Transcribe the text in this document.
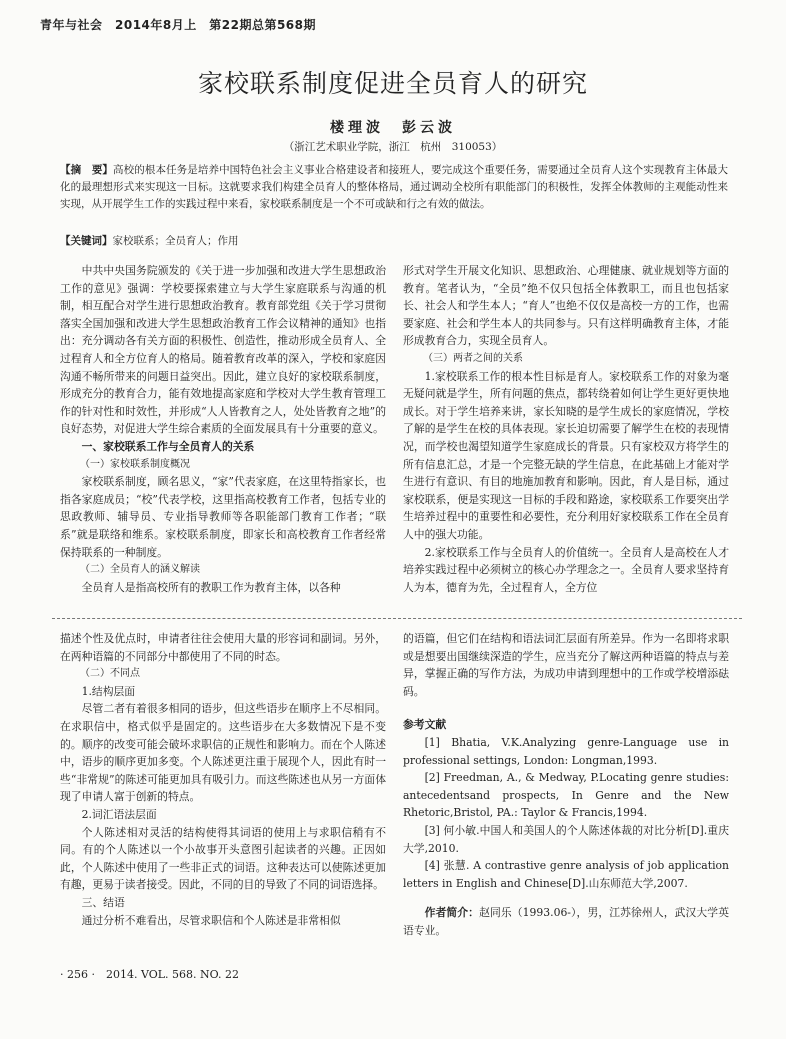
青年与社会　2014年8月上　第22期总第568期
家校联系制度促进全员育人的研究
楼理波　彭云波
（浙江艺术职业学院，浙江　杭州　310053）

【摘　要】高校的根本任务是培养中国特色社会主义事业合格建设者和接班人，要完成这个重要任务，需要通过全员育人这个实现教育主体最大化的最理想形式来实现这一目标。这就要求我们构建全员育人的整体格局，通过调动全校所有职能部门的积极性，发挥全体教师的主观能动性来实现，从开展学生工作的实践过程中来看，家校联系制度是一个不可或缺和行之有效的做法。

【关键词】家校联系；全员育人；作用

中共中央国务院颁发的《关于进一步加强和改进大学生思想政治工作的意见》强调：学校要探索建立与大学生家庭联系与沟通的机制，相互配合对学生进行思想政治教育。教育部党组《关于学习贯彻落实全国加强和改进大学生思想政治教育工作会议精神的通知》也指出：充分调动各有关方面的积极性、创造性，推动形成全员育人、全过程育人和全方位育人的格局。随着教育改革的深入，学校和家庭因沟通不畅所带来的问题日益突出。因此，建立良好的家校联系制度，形成充分的教育合力，能有效地提高家庭和学校对大学生教育管理工作的针对性和时效性，并形成“人人皆教育之人，处处皆教育之地”的良好态势，对促进大学生综合素质的全面发展具有十分重要的意义。

一、家校联系工作与全员育人的关系

（一）家校联系制度概况

家校联系制度，顾名思义，“家”代表家庭，在这里特指家长，也指各家庭成员；“校”代表学校，这里指高校教育工作者，包括专业的思政教师、辅导员、专业指导教师等各职能部门教育工作者；“联系”就是联络和维系。家校联系制度，即家长和高校教育工作者经常保持联系的一种制度。

（二）全员育人的涵义解读

全员育人是指高校所有的教职工作为教育主体，以各种

形式对学生开展文化知识、思想政治、心理健康、就业规划等方面的教育。笔者认为，“全员”绝不仅只包括全体教职工，而且也包括家长、社会人和学生本人；“育人”也绝不仅仅是高校一方的工作，也需要家庭、社会和学生本人的共同参与。只有这样明确教育主体，才能形成教育合力，实现全员育人。

（三）两者之间的关系

1.家校联系工作的根本性目标是育人。家校联系工作的对象为毫无疑问就是学生，所有问题的焦点，都转绕着如何让学生更好更快地成长。对于学生培养来讲，家长知晓的是学生成长的家庭情况，学校了解的是学生在校的具体表现。家长迫切需要了解学生在校的表现情况，而学校也渴望知道学生家庭成长的背景。只有家校双方将学生的所有信息汇总，才是一个完整无缺的学生信息，在此基础上才能对学生进行有意识、有目的地施加教育和影响。因此，育人是目标，通过家校联系，便是实现这一目标的手段和路途，家校联系工作要突出学生培养过程中的重要性和必要性，充分利用好家校联系工作在全员育人中的强大功能。

2.家校联系工作与全员育人的价值统一。全员育人是高校在人才培养实践过程中必须树立的核心办学理念之一。全员育人要求坚持育人为本，德育为先，全过程育人，全方位

描述个性及优点时，申请者往往会使用大量的形容词和副词。另外，在两种语篇的不同部分中都使用了不同的时态。

（二）不同点

1.结构层面

尽管二者有着很多相同的语步，但这些语步在顺序上不尽相同。在求职信中，格式似乎是固定的。这些语步在大多数情况下是不变的。顺序的改变可能会破坏求职信的正规性和影响力。而在个人陈述中，语步的顺序更加多变。个人陈述更注重于展现个人，因此有时一些“非常规”的陈述可能更加具有吸引力。而这些陈述也从另一方面体现了申请人富于创新的特点。

2.词汇语法层面

个人陈述相对灵活的结构使得其词语的使用上与求职信稍有不同。有的个人陈述以一个小故事开头意图引起读者的兴趣。正因如此，个人陈述中使用了一些非正式的词语。这种表达可以使陈述更加有趣，更易于读者接受。因此，不同的目的导致了不同的词语选择。

三、结语

通过分析不难看出，尽管求职信和个人陈述是非常相似

的语篇，但它们在结构和语法词汇层面有所差异。作为一名即将求职或是想要出国继续深造的学生，应当充分了解这两种语篇的特点与差异，掌握正确的写作方法，为成功申请到理想中的工作或学校增添砝码。

参考文献

[1] Bhatia, V.K.Analyzing genre-Language use in professional settings, London: Longman,1993.

[2] Freedman, A., & Medway, P.Locating genre studies: antecedentsand prospects, In Genre and the New Rhetoric,Bristol, PA.: Taylor & Francis,1994.

[3] 何小敏.中国人和美国人的个人陈述体裁的对比分析[D].重庆大学,2010.

[4] 张慧. A contrastive genre analysis of job application letters in English and Chinese[D].山东师范大学,2007.

作者简介：赵同乐（1993.06-），男，江苏徐州人，武汉大学英语专业。

· 256 ·　2014. VOL. 568. NO. 22
